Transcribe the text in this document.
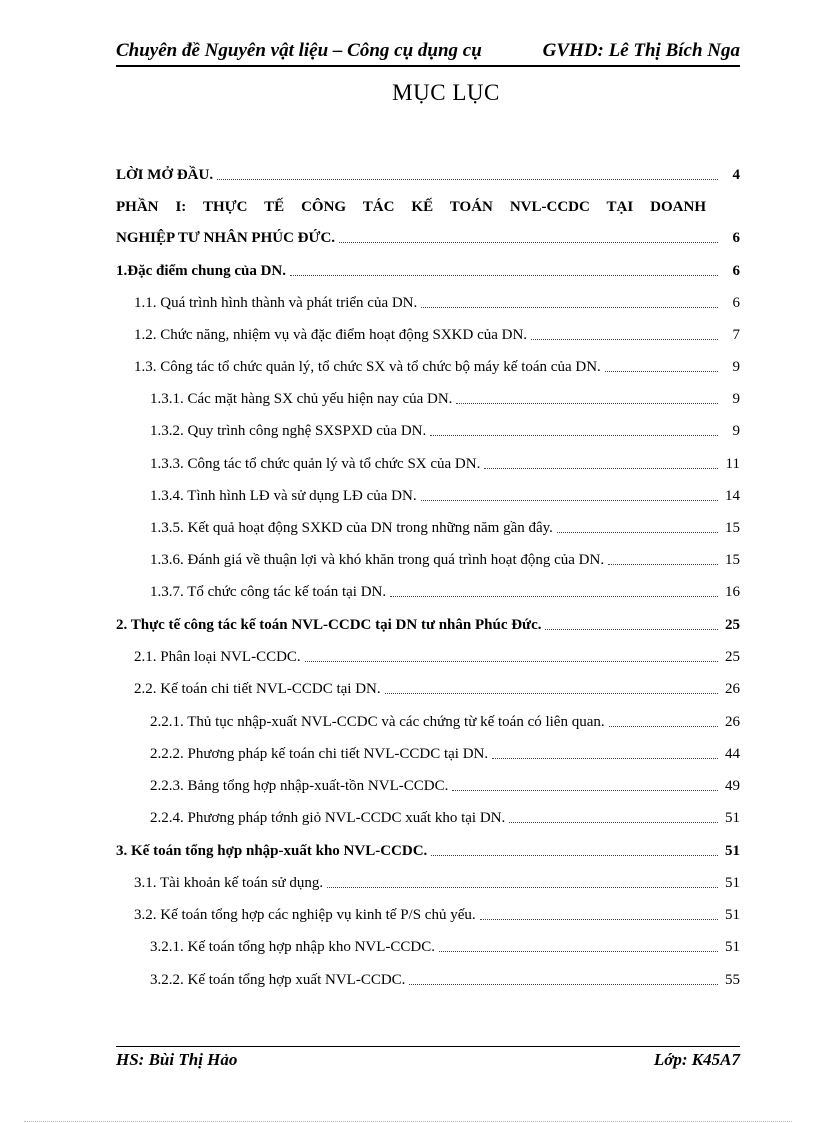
Chuyên đề Nguyên vật liệu – Công cụ dụng cụ	GVHD: Lê Thị Bích Nga
MỤC LỤC
LỜI MỞ ĐẦU.	4
PHẦN I: THỰC TẾ CÔNG TÁC KẾ TOÁN NVL-CCDC TẠI DOANH
NGHIỆP TƯ NHÂN PHÚC ĐỨC.	6
1.Đặc điểm chung của DN.	6
1.1. Quá trình hình thành và phát triển của DN.	6
1.2. Chức năng, nhiệm vụ và đặc điểm hoạt động SXKD của DN.	7
1.3. Công tác tổ chức quản lý, tổ chức SX và tổ chức bộ máy kế toán của DN.	9
1.3.1. Các mặt hàng SX chủ yếu hiện nay của DN.	9
1.3.2. Quy trình công nghệ SXSPXD của DN.	9
1.3.3. Công tác tổ chức quản lý và tổ chức SX của DN.	11
1.3.4. Tình hình LĐ và sử dụng LĐ của DN.	14
1.3.5. Kết quả hoạt động SXKD của DN trong những năm gần đây.	15
1.3.6. Đánh giá về thuận lợi và khó khăn trong quá trình hoạt động của DN.	15
1.3.7. Tổ chức công tác kế toán tại DN.	16
2. Thực tế công tác kế toán NVL-CCDC tại DN tư nhân Phúc Đức.	25
2.1. Phân loại NVL-CCDC.	25
2.2. Kế toán chi tiết NVL-CCDC tại DN.	26
2.2.1. Thủ tục nhập-xuất NVL-CCDC và các chứng từ kế toán có liên quan.	26
2.2.2. Phương pháp kế toán chi tiết NVL-CCDC tại DN.	44
2.2.3. Bảng tổng hợp nhập-xuất-tồn NVL-CCDC.	49
2.2.4. Phương pháp tớnh giỏ NVL-CCDC xuất kho tại DN.	51
3. Kế toán tổng hợp nhập-xuất kho NVL-CCDC.	51
3.1. Tài khoản kế toán sử dụng.	51
3.2. Kế toán tổng hợp các nghiệp vụ kinh tế P/S chủ yếu.	51
3.2.1. Kế toán tổng hợp nhập kho NVL-CCDC.	51
3.2.2. Kế toán tổng hợp xuất NVL-CCDC.	55
HS: Bùi Thị Hảo	Lớp: K45A7
